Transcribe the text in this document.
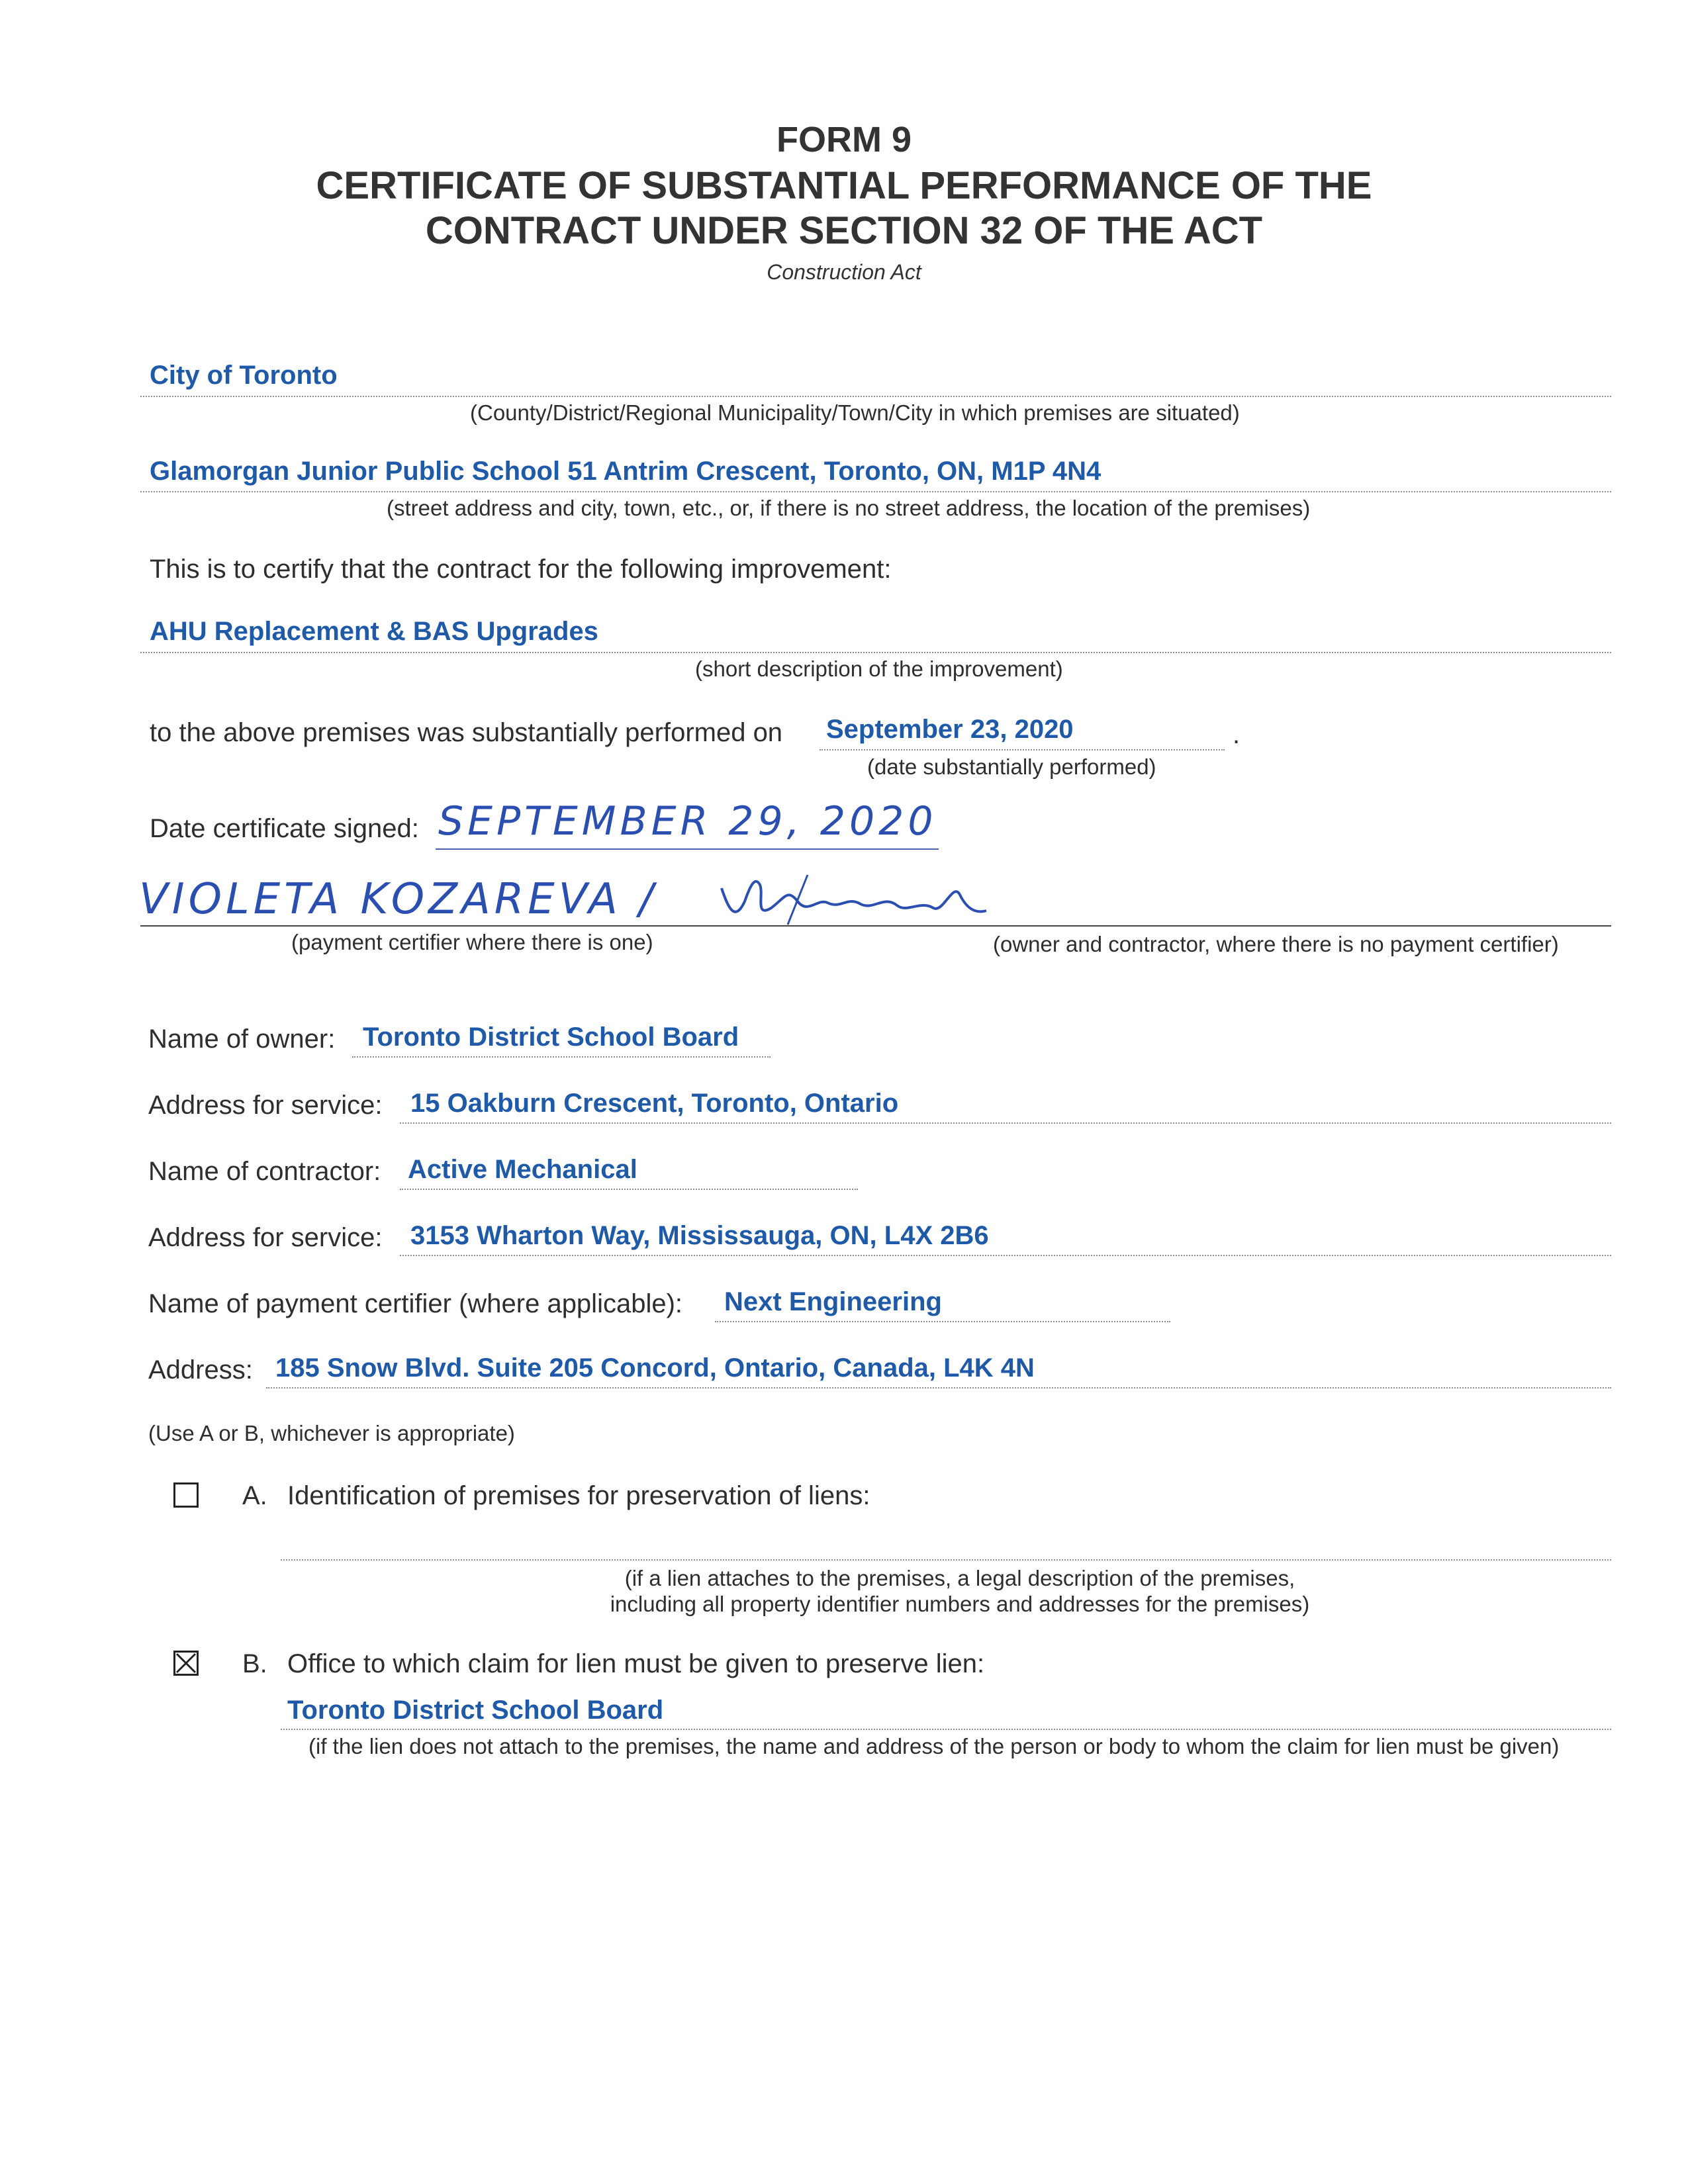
FORM 9
CERTIFICATE OF SUBSTANTIAL PERFORMANCE OF THE
CONTRACT UNDER SECTION 32 OF THE ACT
Construction Act
City of Toronto
(County/District/Regional Municipality/Town/City in which premises are situated)
Glamorgan Junior Public School 51 Antrim Crescent, Toronto, ON, M1P 4N4
(street address and city, town, etc., or, if there is no street address, the location of the premises)
This is to certify that the contract for the following improvement:
AHU Replacement & BAS Upgrades
(short description of the improvement)
to the above premises was substantially performed on September 23, 2020	.
(date substantially performed)
Date certificate signed: SEPTEMBER 29, 2020
VIOLETA KOZAREVA /
(payment certifier where there is one)	(owner and contractor, where there is no payment certifier)
Name of owner: Toronto District School Board
Address for service: 15 Oakburn Crescent, Toronto, Ontario
Name of contractor: Active Mechanical
Address for service: 3153 Wharton Way, Mississauga, ON, L4X 2B6
Name of payment certifier (where applicable): Next Engineering
Address: 185 Snow Blvd. Suite 205 Concord, Ontario, Canada, L4K 4N
(Use A or B, whichever is appropriate)
A. Identification of premises for preservation of liens:
(if a lien attaches to the premises, a legal description of the premises,
including all property identifier numbers and addresses for the premises)
B. Office to which claim for lien must be given to preserve lien:
Toronto District School Board
(if the lien does not attach to the premises, the name and address of the person or body to whom the claim for lien must be given)
